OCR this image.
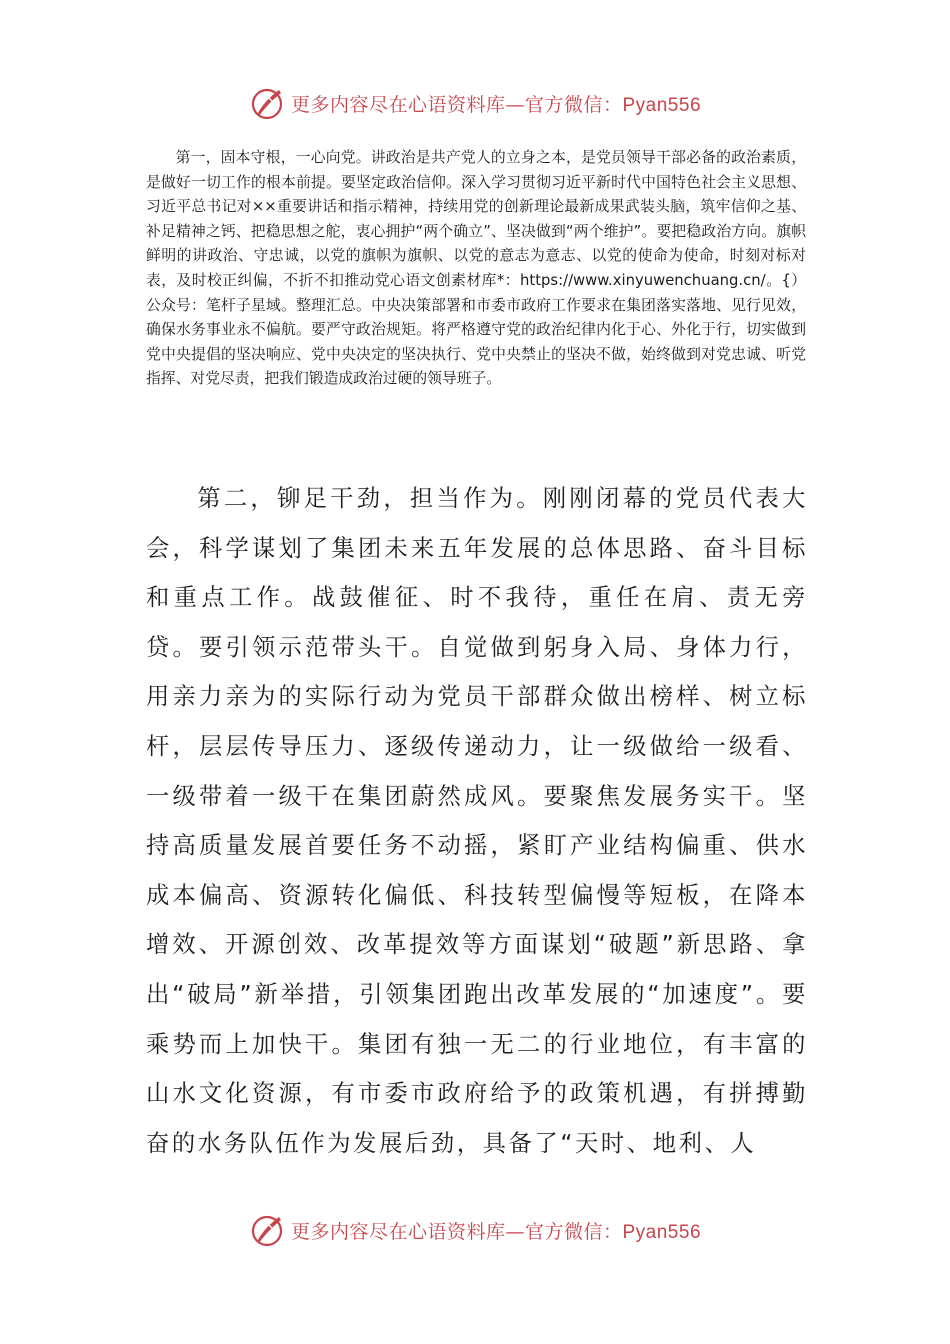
更多内容尽在心语资料库—官方微信：Pyan556

第一，固本守根，一心向党。讲政治是共产党人的立身之本，是党员领导干部必备的政治素质，是做好一切工作的根本前提。要坚定政治信仰。深入学习贯彻习近平新时代中国特色社会主义思想、习近平总书记对××重要讲话和指示精神，持续用党的创新理论最新成果武装头脑，筑牢信仰之基、补足精神之钙、把稳思想之舵，衷心拥护“两个确立”、坚决做到“两个维护”。要把稳政治方向。旗帜鲜明的讲政治、守忠诚，以党的旗帜为旗帜、以党的意志为意志、以党的使命为使命，时刻对标对表，及时校正纠偏，不折不扣推动党心语文创素材库*：https://www.xinyuwenchuang.cn/。{）公众号：笔杆子星域。整理汇总。中央决策部署和市委市政府工作要求在集团落实落地、见行见效，确保水务事业永不偏航。要严守政治规矩。将严格遵守党的政治纪律内化于心、外化于行，切实做到党中央提倡的坚决响应、党中央决定的坚决执行、党中央禁止的坚决不做，始终做到对党忠诚、听党指挥、对党尽责，把我们锻造成政治过硬的领导班子。

第二，铆足干劲，担当作为。刚刚闭幕的党员代表大会，科学谋划了集团未来五年发展的总体思路、奋斗目标和重点工作。战鼓催征、时不我待，重任在肩、责无旁贷。要引领示范带头干。自觉做到躬身入局、身体力行，用亲力亲为的实际行动为党员干部群众做出榜样、树立标杆，层层传导压力、逐级传递动力，让一级做给一级看、一级带着一级干在集团蔚然成风。要聚焦发展务实干。坚持高质量发展首要任务不动摇，紧盯产业结构偏重、供水成本偏高、资源转化偏低、科技转型偏慢等短板，在降本增效、开源创效、改革提效等方面谋划“破题”新思路、拿出“破局”新举措，引领集团跑出改革发展的“加速度”。要乘势而上加快干。集团有独一无二的行业地位，有丰富的山水文化资源，有市委市政府给予的政策机遇，有拼搏勤奋的水务队伍作为发展后劲，具备了“天时、地利、人

更多内容尽在心语资料库—官方微信：Pyan556
